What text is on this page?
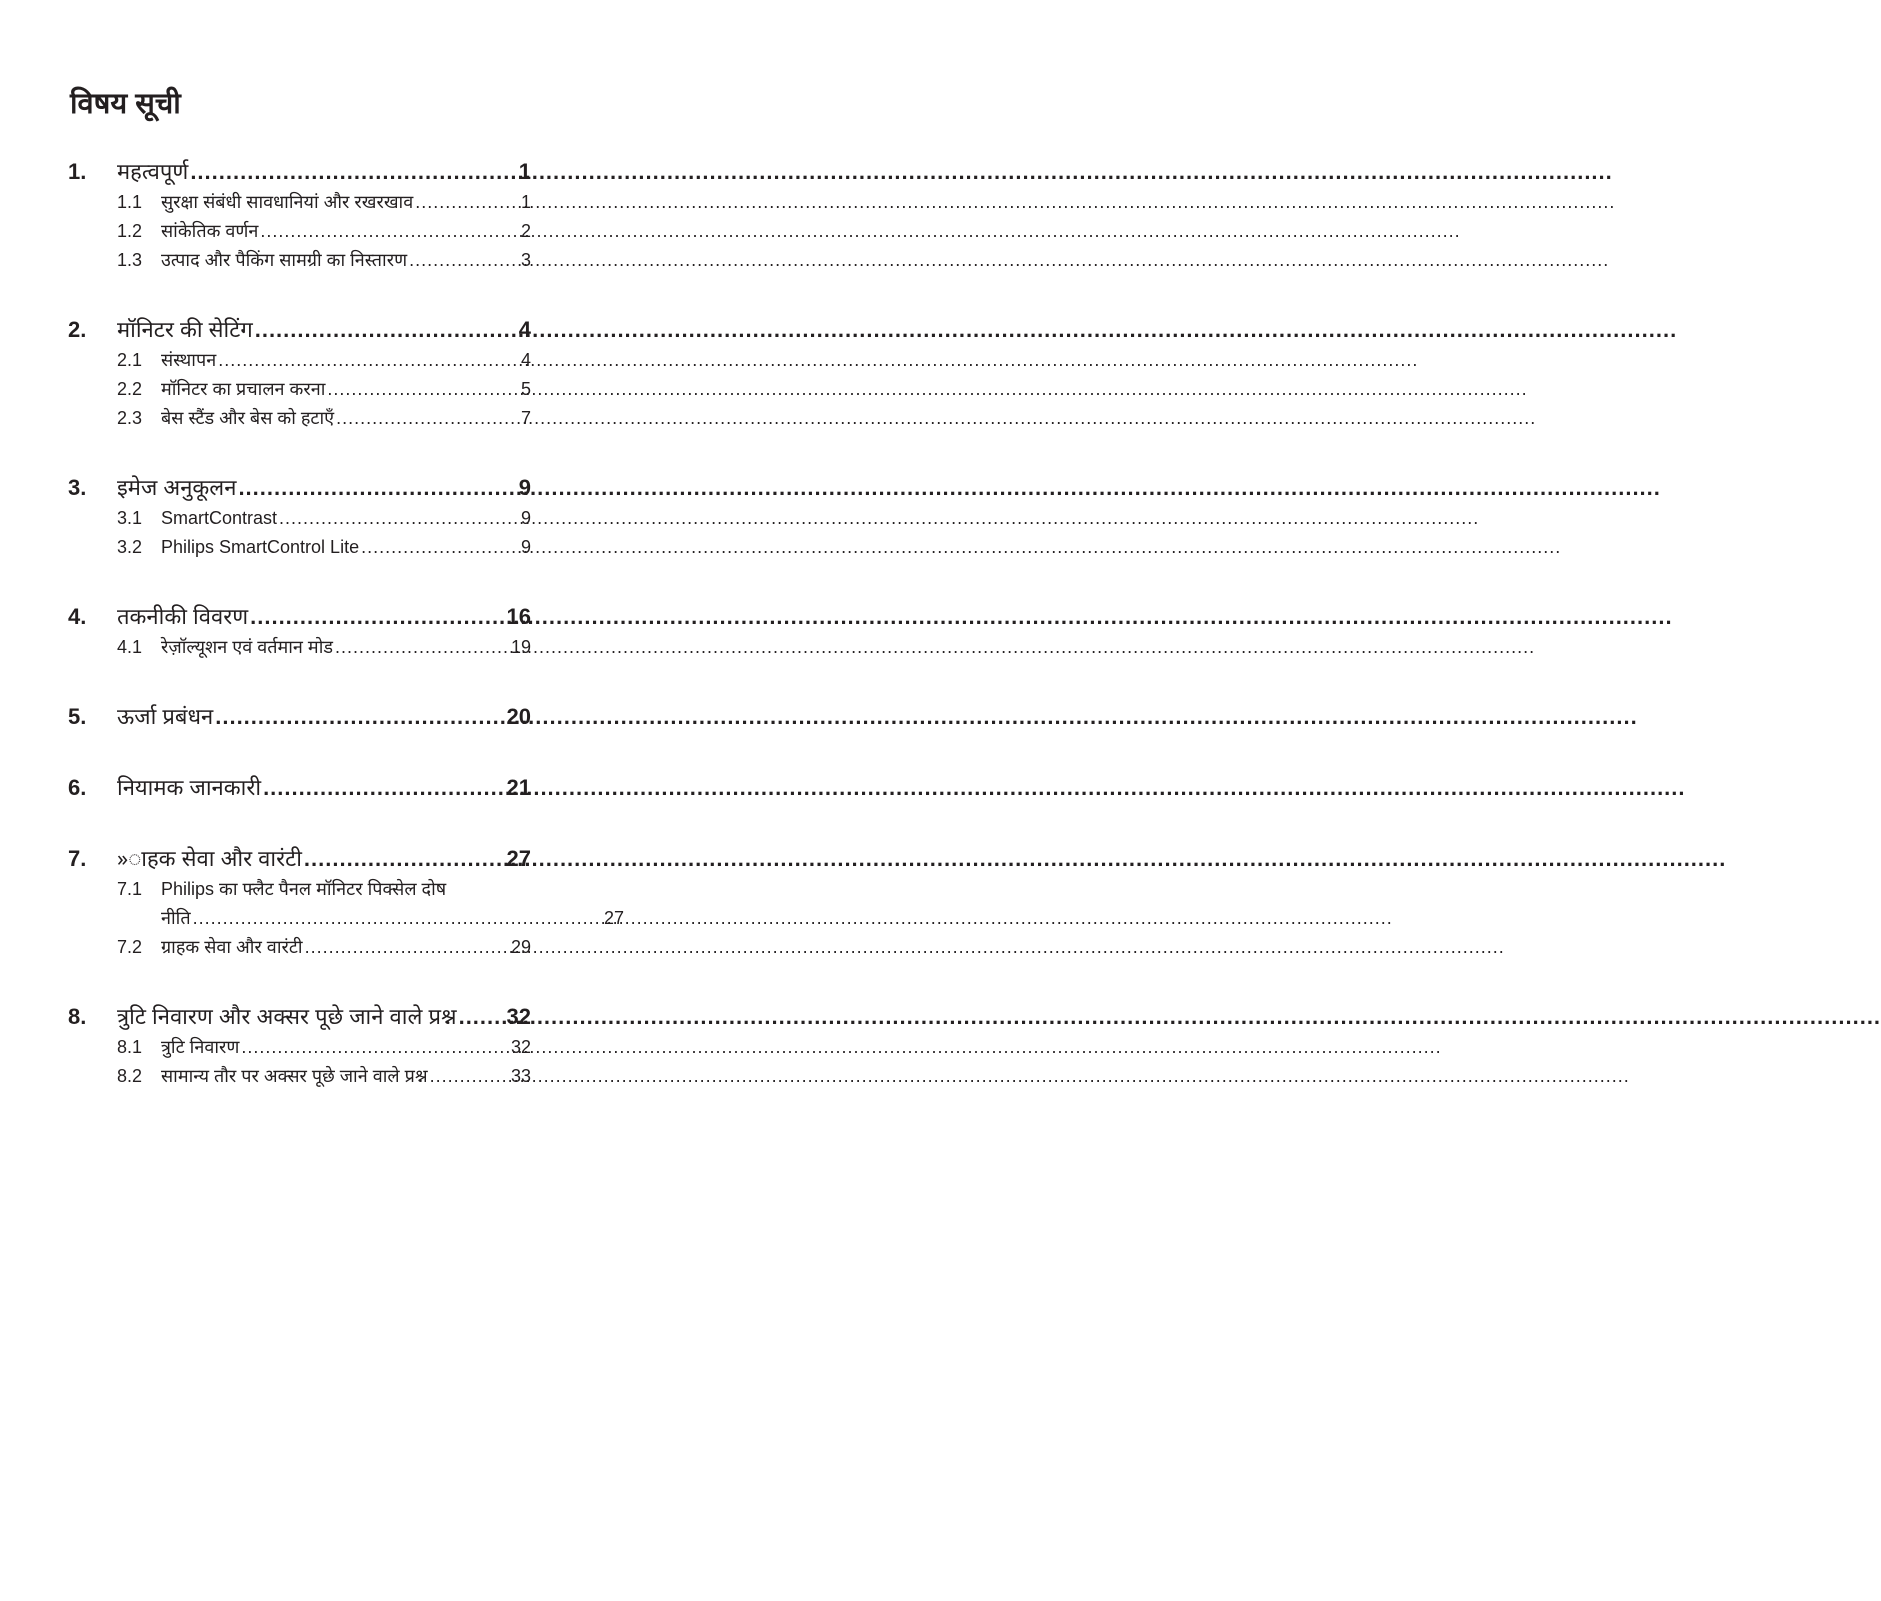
विषय सूची
1.	महत्वपूर्ण .....	1
1.1	सुरक्षा संबंधी सावधानियां और रखरखाव .....	1
1.2	सांकेतिक वर्णन .....	2
1.3	उत्पाद और पैकिंग सामग्री का निस्तारण .....	3
2.	मॉनिटर की सेटिंग .....	4
2.1	संस्थापन .....	4
2.2	मॉनिटर का प्रचालन करना .....	5
2.3	बेस स्टैंड और बेस को हटाएँ .....	7
3.	इमेज अनुकूलन .....	9
3.1	SmartContrast .....	9
3.2	Philips SmartControl Lite .....	9
4.	तकनीकी विवरण .....	16
4.1	रेज़ॉल्यूशन एवं वर्तमान मोड .....	19
5.	ऊर्जा प्रबंधन .....	20
6.	नियामक जानकारी .....	21
7.	»ाहक सेवा और वारंटी .....	27
7.1	Philips का फ्लैट पैनल मॉनिटर पिक्सेल दोष
नीति .....	27
7.2	ग्राहक सेवा और वारंटी .....	29
8.	त्रुटि निवारण और अक्सर पूछे जाने वाले प्रश्न ..... 32
8.1	त्रुटि निवारण .....	32
8.2	सामान्य तौर पर अक्सर पूछे जाने वाले प्रश्न .....	33
